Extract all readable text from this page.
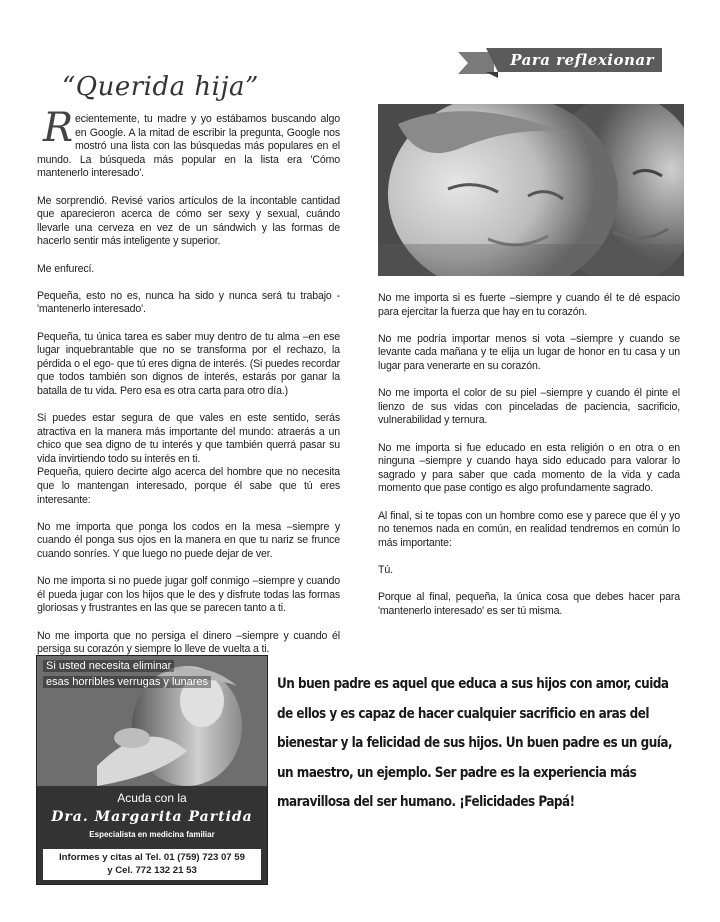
Para reflexionar
“Querida hija”

Recientemente, tu madre y yo estábamos buscando algo en Google. A la mitad de escribir la pregunta, Google nos mostró una lista con las búsquedas más populares en el mundo. La búsqueda más popular en la lista era 'Cómo mantenerlo interesado'.

Me sorprendió. Revisé varios artículos de la incontable cantidad que aparecieron acerca de cómo ser sexy y sexual, cuándo llevarle una cerveza en vez de un sándwich y las formas de hacerlo sentir más inteligente y superior.

Me enfurecí.

Pequeña, esto no es, nunca ha sido y nunca será tu trabajo - 'mantenerlo interesado'.

Pequeña, tu única tarea es saber muy dentro de tu alma –en ese lugar inquebrantable que no se transforma por el rechazo, la pérdida o el ego- que tú eres digna de interés. (Si puedes recordar que todos también son dignos de interés, estarás por ganar la batalla de tu vida. Pero esa es otra carta para otro día.)

Si puedes estar segura de que vales en este sentido, serás atractiva en la manera más importante del mundo: atraerás a un chico que sea digno de tu interés y que también querrá pasar su vida invirtiendo todo su interés en ti.
Pequeña, quiero decirte algo acerca del hombre que no necesita que lo mantengan interesado, porque él sabe que tú eres interesante:

No me importa que ponga los codos en la mesa –siempre y cuando él ponga sus ojos en la manera en que tu nariz se frunce cuando sonríes. Y que luego no puede dejar de ver.

No me importa si no puede jugar golf conmigo –siempre y cuando él pueda jugar con los hijos que le des y disfrute todas las formas gloriosas y frustrantes en las que se parecen tanto a ti.

No me importa que no persiga el dinero –siempre y cuando él persiga su corazón y siempre lo lleve de vuelta a ti.

No me importa si es fuerte –siempre y cuando él te dé espacio para ejercitar la fuerza que hay en tu corazón.

No me podría importar menos si vota –siempre y cuando se levante cada mañana y te elija un lugar de honor en tu casa y un lugar para venerarte en su corazón.

No me importa el color de su piel –siempre y cuando él pinte el lienzo de sus vidas con pinceladas de paciencia, sacrificio, vulnerabilidad y ternura.

No me importa si fue educado en esta religión o en otra o en ninguna –siempre y cuando haya sido educado para valorar lo sagrado y para saber que cada momento de la vida y cada momento que pase contigo es algo profundamente sagrado.

Al final, si te topas con un hombre como ese y parece que él y yo no tenemos nada en común, en realidad tendremos en común lo más importante:

Tú.

Porque al final, pequeña, la única cosa que debes hacer para 'mantenerlo interesado' es ser tú misma.

Si usted necesita eliminar
esas horribles verrugas y lunares
Acuda con la
Dra. Margarita Partida
Especialista en medicina familiar
Informes y citas al Tel. 01 (759) 723 07 59
y Cel. 772 132 21 53
Un buen padre es aquel que educa a sus hijos con amor, cuida de ellos y es capaz de hacer cualquier sacrificio en aras del bienestar y la felicidad de sus hijos. Un buen padre es un guía, un maestro, un ejemplo. Ser padre es la experiencia más maravillosa del ser humano. ¡Felicidades Papá!
